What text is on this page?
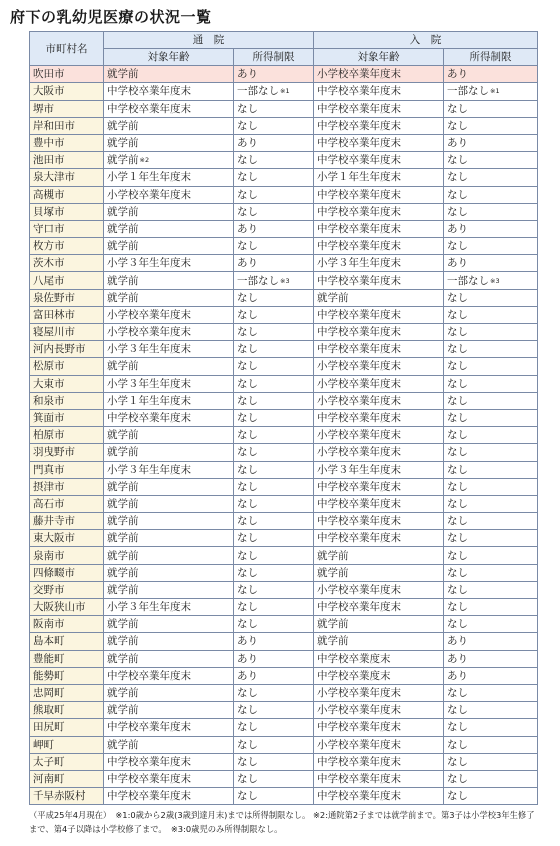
府下の乳幼児医療の状況一覧
市町村名	通　院		入　院	
	対象年齢	所得制限	対象年齢	所得制限
吹田市	就学前	あり	小学校卒業年度末	あり
大阪市	中学校卒業年度末	一部なし$^{※1}$	中学校卒業年度末	一部なし$^{※1}$
堺市	中学校卒業年度末	なし	中学校卒業年度末	なし
岸和田市	就学前	なし	中学校卒業年度末	なし
豊中市	就学前	あり	中学校卒業年度末	あり
池田市	就学前$^{※2}$	なし	中学校卒業年度末	なし
泉大津市	小学１年生年度末	なし	小学１年生年度末	なし
高槻市	小学校卒業年度末	なし	中学校卒業年度末	なし
貝塚市	就学前	なし	中学校卒業年度末	なし
守口市	就学前	あり	中学校卒業年度末	あり
枚方市	就学前	なし	中学校卒業年度末	なし
茨木市	小学３年生年度末	あり	小学３年生年度末	あり
八尾市	就学前	一部なし$^{※3}$	中学校卒業年度末	一部なし$^{※3}$
泉佐野市	就学前	なし	就学前	なし
富田林市	小学校卒業年度末	なし	中学校卒業年度末	なし
寝屋川市	小学校卒業年度末	なし	中学校卒業年度末	なし
河内長野市	小学３年生年度末	なし	中学校卒業年度末	なし
松原市	就学前	なし	小学校卒業年度末	なし
大東市	小学３年生年度末	なし	小学校卒業年度末	なし
和泉市	小学１年生年度末	なし	小学校卒業年度末	なし
箕面市	中学校卒業年度末	なし	中学校卒業年度末	なし
柏原市	就学前	なし	小学校卒業年度末	なし
羽曳野市	就学前	なし	小学校卒業年度末	なし
門真市	小学３年生年度末	なし	小学３年生年度末	なし
摂津市	就学前	なし	中学校卒業年度末	なし
高石市	就学前	なし	中学校卒業年度末	なし
藤井寺市	就学前	なし	中学校卒業年度末	なし
東大阪市	就学前	なし	中学校卒業年度末	なし
泉南市	就学前	なし	就学前	なし
四條畷市	就学前	なし	就学前	なし
交野市	就学前	なし	小学校卒業年度末	なし
大阪狭山市	小学３年生年度末	なし	中学校卒業年度末	なし
阪南市	就学前	なし	就学前	なし
島本町	就学前	あり	就学前	あり
豊能町	就学前	あり	中学校卒業度末	あり
能勢町	中学校卒業年度末	あり	中学校卒業度末	あり
忠岡町	就学前	なし	小学校卒業年度末	なし
熊取町	就学前	なし	小学校卒業年度末	なし
田尻町	中学校卒業年度末	なし	中学校卒業年度末	なし
岬町	就学前	なし	小学校卒業年度末	なし
太子町	中学校卒業年度末	なし	中学校卒業年度末	なし
河南町	中学校卒業年度末	なし	中学校卒業年度末	なし
千早赤阪村	中学校卒業年度末	なし	中学校卒業年度末	なし
（平成25年4月現在）　※1:0歳から2歳(3歳到達月末)までは所得制限なし。 ※2:通院第2子までは就学前まで。第3子は小学校3年生修了まで、第4子以降は小学校修了まで。　※3:0歳児のみ所得制限なし。
